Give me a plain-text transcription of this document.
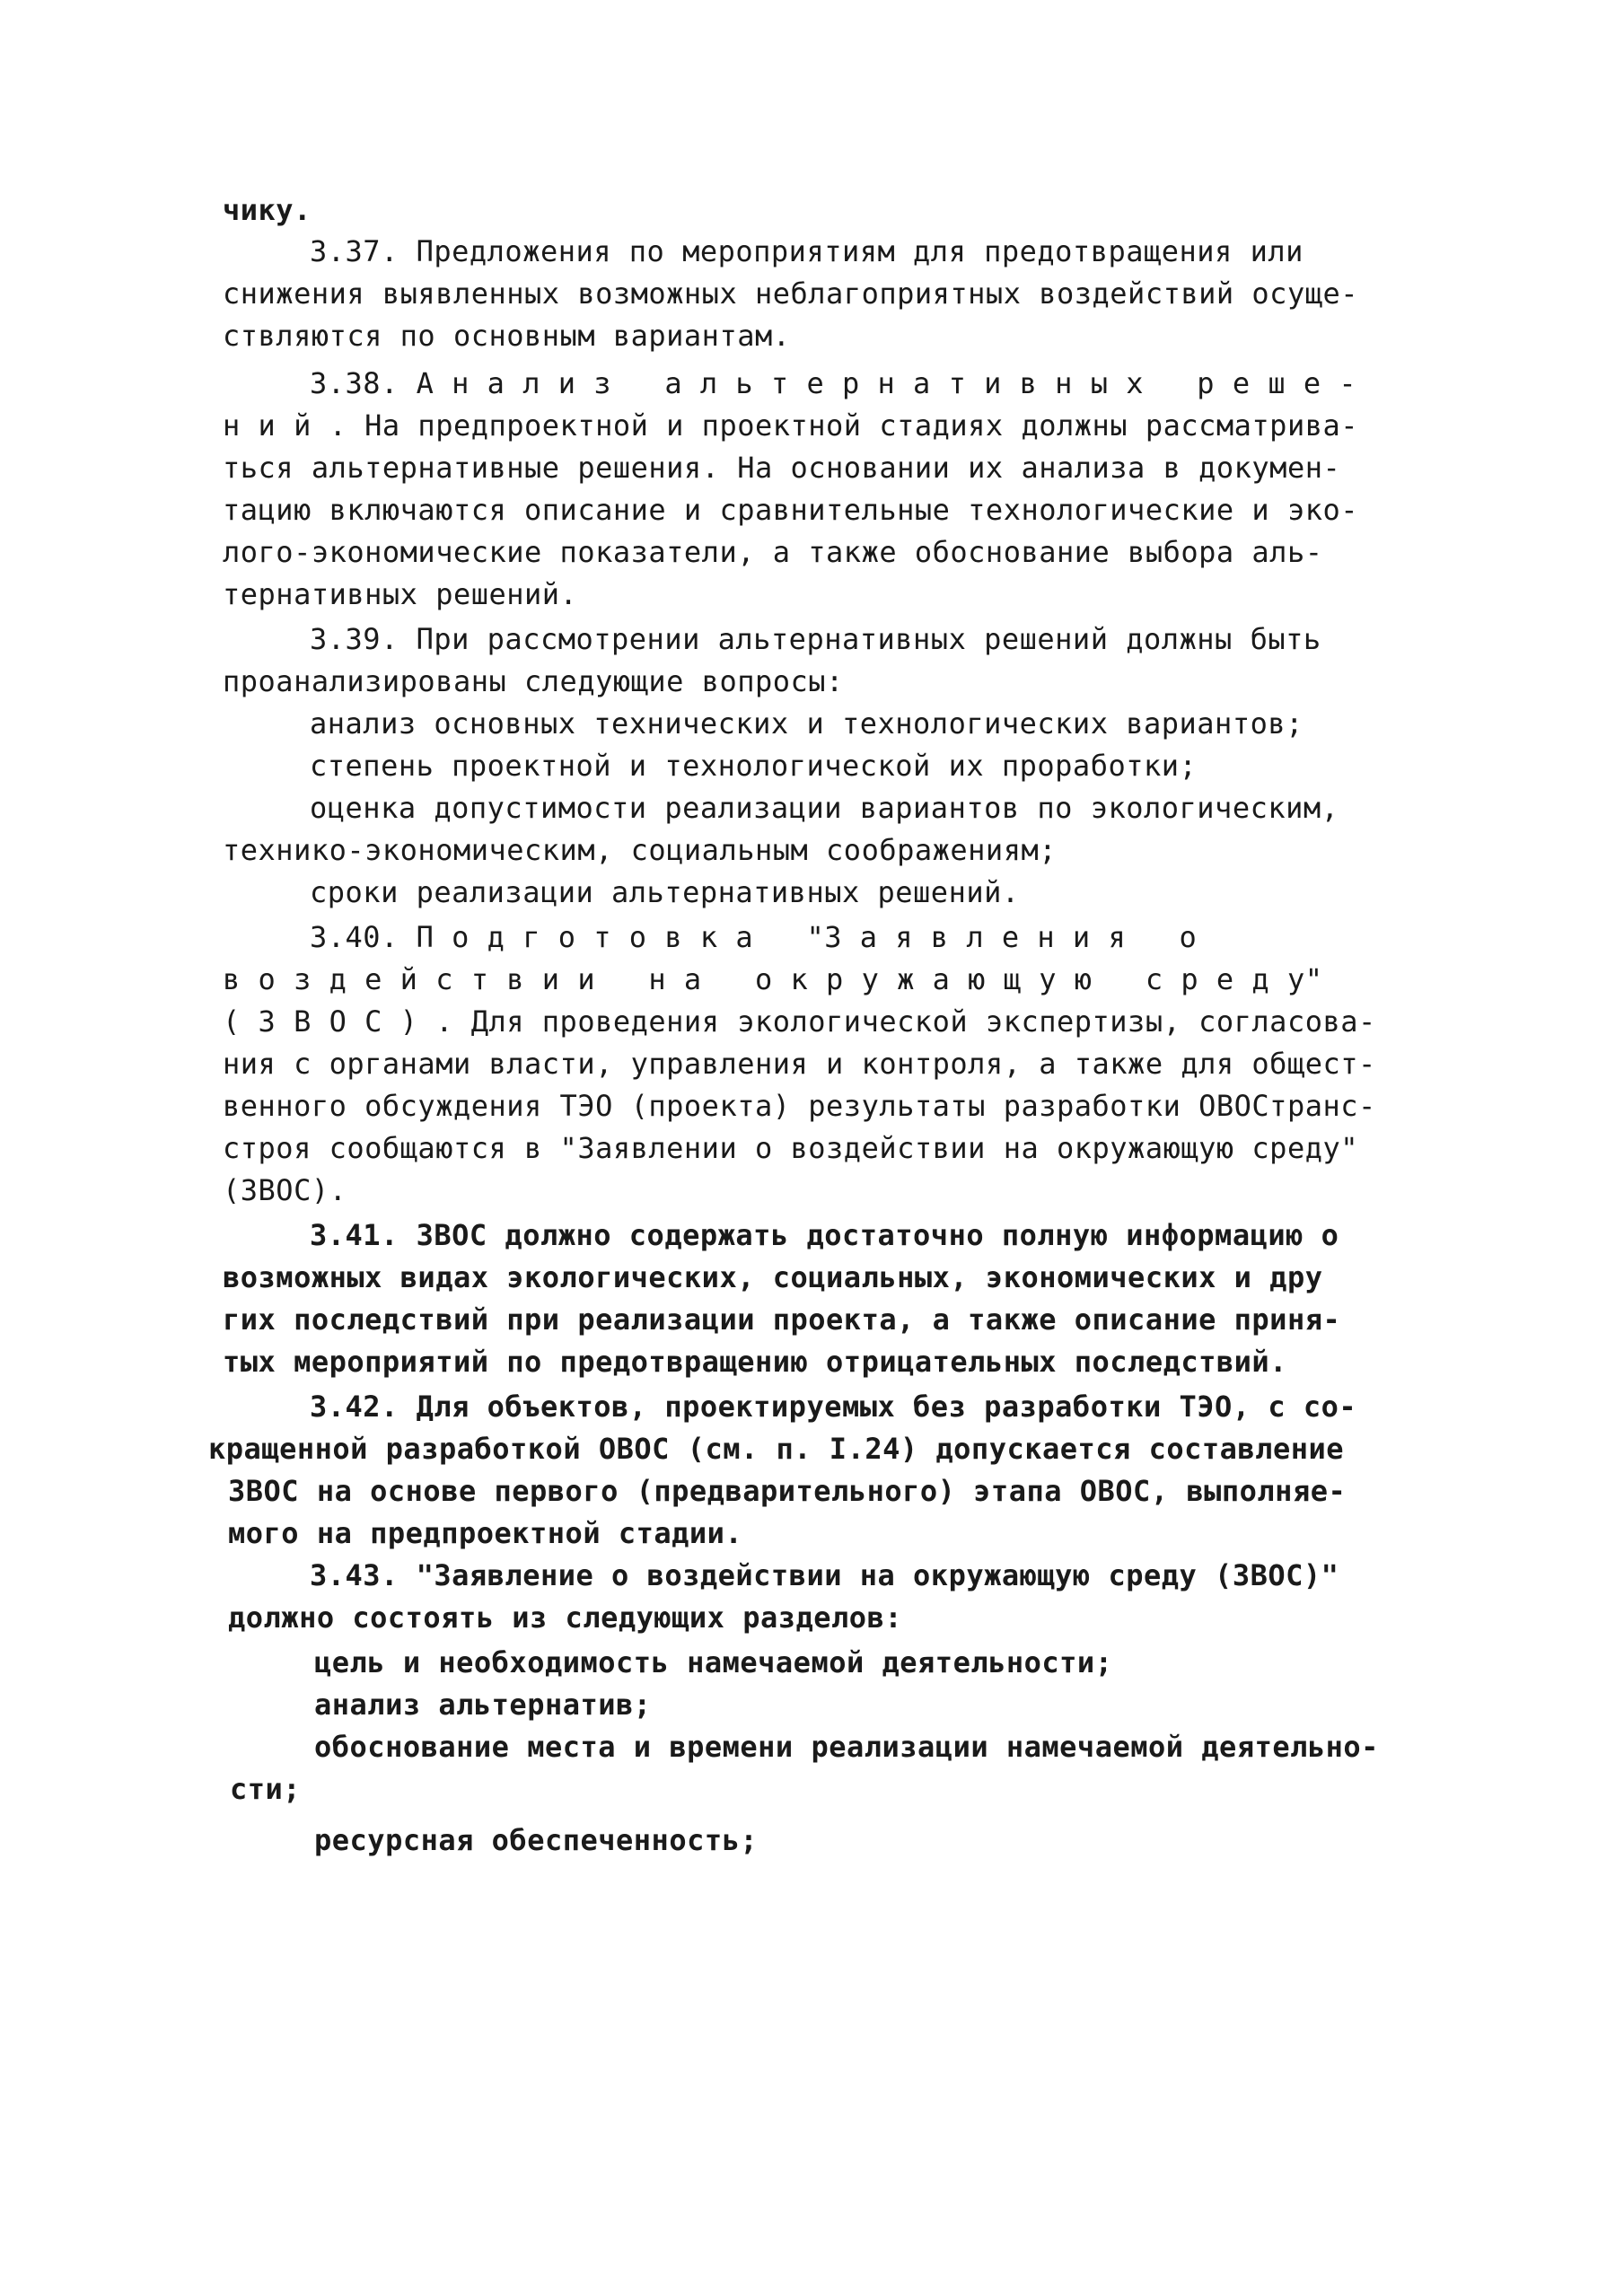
чику.
3.37. Предложения по мероприятиям для предотвращения или
снижения выявленных возможных неблагоприятных воздействий осуще-
ствляются по основным вариантам.
3.38. А н а л и з   а л ь т е р н а т и в н ы х   р е ш е -
н и й . На предпроектной и проектной стадиях должны рассматрива-
ться альтернативные решения. На основании их анализа в докумен-
тацию включаются описание и сравнительные технологические и эко-
лого-экономические показатели, а также обоснование выбора аль-
тернативных решений.
3.39. При рассмотрении альтернативных решений должны быть
проанализированы следующие вопросы:
анализ основных технических и технологических вариантов;
степень проектной и технологической их проработки;
оценка допустимости реализации вариантов по экологическим,
технико-экономическим, социальным соображениям;
сроки реализации альтернативных решений.
3.40. П о д г о т о в к а   "З а я в л е н и я   о
в о з д е й с т в и и   н а   о к р у ж а ю щ у ю   с р е д у"
( З В О С ) . Для проведения экологической экспертизы, согласова-
ния с органами власти, управления и контроля, а также для общест-
венного обсуждения ТЭО (проекта) результаты разработки ОВОСтранс-
строя сообщаются в "Заявлении о воздействии на окружающую среду"
(ЗВОС).
3.41. ЗВОС должно содержать достаточно полную информацию о
возможных видах экологических, социальных, экономических и дру
гих последствий при реализации проекта, а также описание приня-
тых мероприятий по предотвращению отрицательных последствий.
3.42. Для объектов, проектируемых без разработки ТЭО, с со-
кращенной разработкой ОВОС (см. п. I.24) допускается составление
ЗВОС на основе первого (предварительного) этапа ОВОС, выполняе-
мого на предпроектной стадии.
3.43. "Заявление о воздействии на окружающую среду (ЗВОС)"
должно состоять из следующих разделов:
цель и необходимость намечаемой деятельности;
анализ альтернатив;
обоснование места и времени реализации намечаемой деятельно-
сти;
ресурсная обеспеченность;
